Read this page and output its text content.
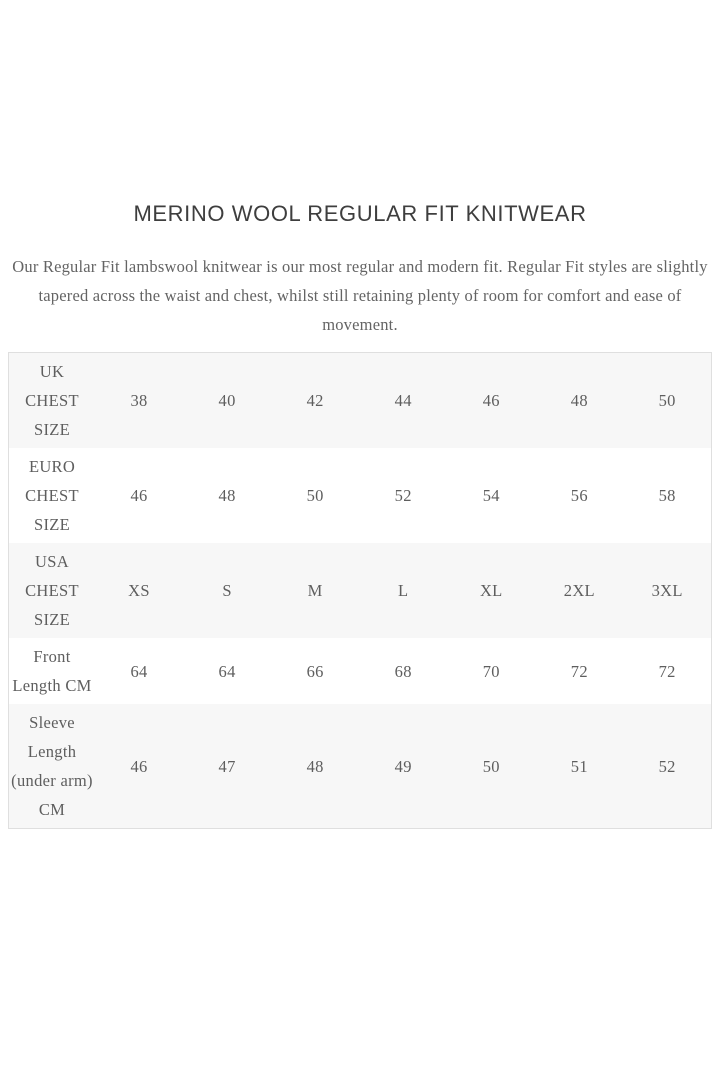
MERINO WOOL REGULAR FIT KNITWEAR

Our Regular Fit lambswool knitwear is our most regular and modern fit. Regular Fit styles are slightly tapered across the waist and chest, whilst still retaining plenty of room for comfort and ease of movement.

UK CHEST SIZE	38	40	42	44	46	48	50
EURO CHEST SIZE	46	48	50	52	54	56	58
USA CHEST SIZE	XS	S	M	L	XL	2XL	3XL
Front Length CM	64	64	66	68	70	72	72
Sleeve Length (under arm) CM	46	47	48	49	50	51	52
